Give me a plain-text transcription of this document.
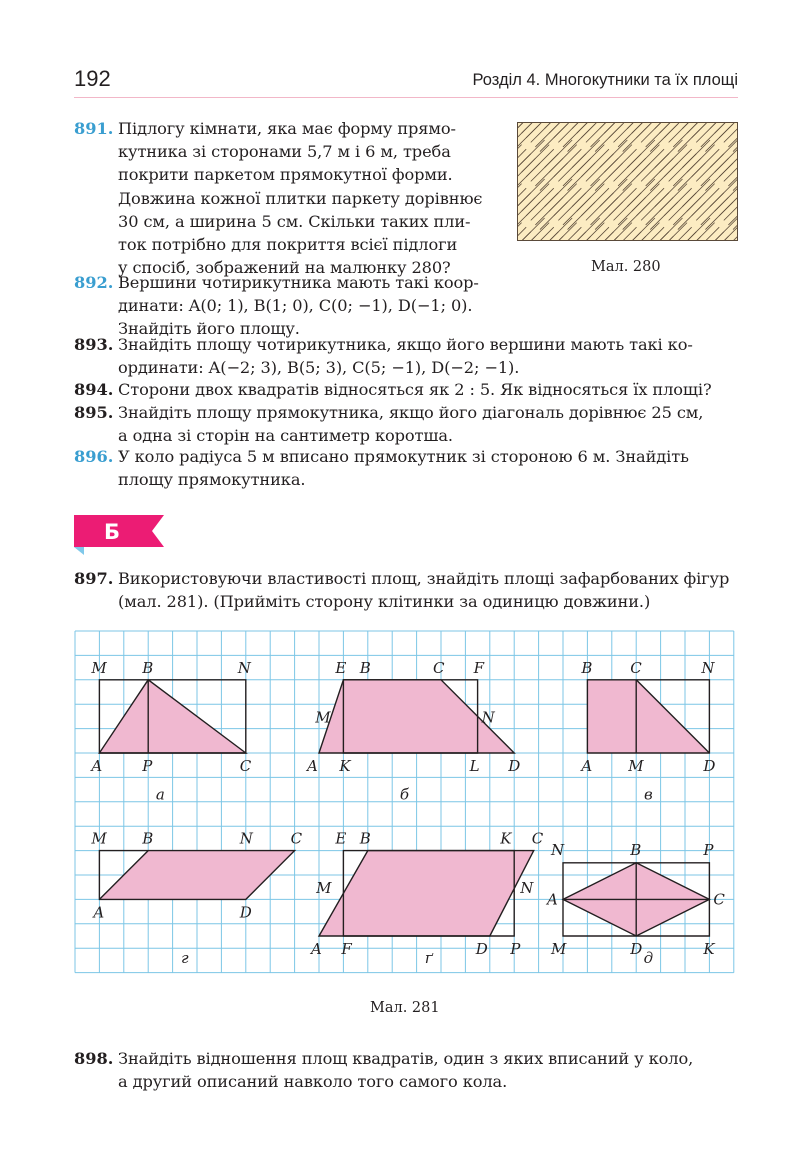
192	Розділ 4. Многокутники та їх площі
891. Підлогу кімнати, яка має форму прямо-
кутника зі сторонами 5,7 м і 6 м, треба
покрити паркетом прямокутної форми.
Довжина кожної плитки паркету дорівнює
30 см, а ширина 5 см. Скільки таких пли-
ток потрібно для покриття всієї підлоги
у спосіб, зображений на малюнку 280?	Мал. 280
892. Вершини чотирикутника мають такі коор-
динати: A(0; 1), B(1; 0), C(0; −1), D(−1; 0).
Знайдіть його площу.
893. Знайдіть площу чотирикутника, якщо його вершини мають такі ко-
ординати: A(−2; 3), B(5; 3), C(5; −1), D(−2; −1).
894. Сторони двох квадратів відносяться як 2 : 5. Як відносяться їх площі?
895. Знайдіть площу прямокутника, якщо його діагональ дорівнює 25 см,
а одна зі сторін на сантиметр коротша.
896. У коло радіуса 5 м вписано прямокутник зі стороною 6 м. Знайдіть
площу прямокутника.
Б
897. Використовуючи властивості площ, знайдіть площі зафарбованих фігур
(мал. 281). (Прийміть сторону клітинки за одиницю довжини.)
M B	N
A	P	C
а
E B	C F
M	N
A K	L D
б
B	C	N
A M	D
в
M B	N	C
A	D
г
E B	K C
M	N
A F	D P
ґ
N	B	P
A	C
M	D	K
д
Мал. 281
898. Знайдіть відношення площ квадратів, один з яких вписаний у коло,
а другий описаний навколо того самого кола.
